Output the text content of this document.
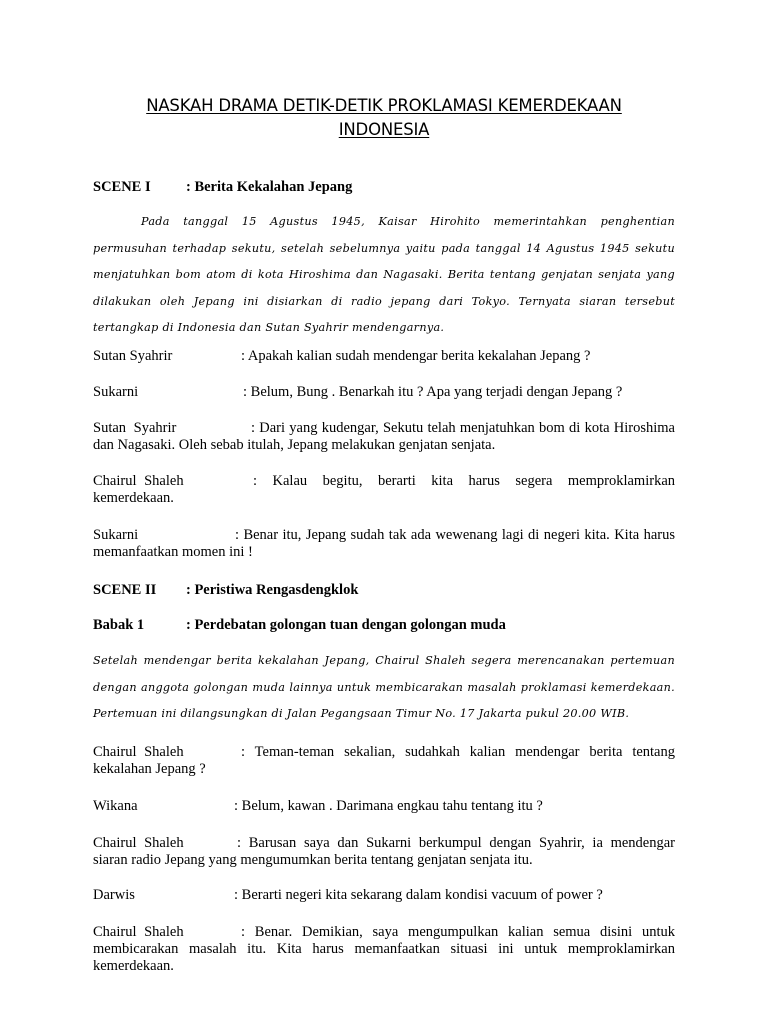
NASKAH DRAMA DETIK-DETIK PROKLAMASI KEMERDEKAAN
INDONESIA
SCENE I : Berita Kekalahan Jepang
Pada tanggal 15 Agustus 1945, Kaisar Hirohito memerintahkan penghentian permusuhan terhadap sekutu, setelah sebelumnya yaitu pada tanggal 14 Agustus 1945 sekutu menjatuhkan bom atom di kota Hiroshima dan Nagasaki. Berita tentang genjatan senjata yang dilakukan oleh Jepang ini disiarkan di radio jepang dari Tokyo. Ternyata siaran tersebut tertangkap di Indonesia dan Sutan Syahrir mendengarnya.
Sutan Syahrir	: Apakah kalian sudah mendengar berita kekalahan Jepang ?
Sukarni	: Belum, Bung . Benarkah itu ? Apa yang terjadi dengan Jepang ?
Sutan Syahrir	: Dari yang kudengar, Sekutu telah menjatuhkan bom di kota Hiroshima dan Nagasaki. Oleh sebab itulah, Jepang melakukan genjatan senjata.
Chairul Shaleh	: Kalau begitu, berarti kita harus segera memproklamirkan kemerdekaan.
Sukarni	: Benar itu, Jepang sudah tak ada wewenang lagi di negeri kita. Kita harus memanfaatkan momen ini !
SCENE II : Peristiwa Rengasdengklok
Babak 1	: Perdebatan golongan tuan dengan golongan muda
Setelah mendengar berita kekalahan Jepang, Chairul Shaleh segera merencanakan pertemuan dengan anggota golongan muda lainnya untuk membicarakan masalah proklamasi kemerdekaan. Pertemuan ini dilangsungkan di Jalan Pegangsaan Timur No. 17 Jakarta pukul 20.00 WIB.
Chairul Shaleh	: Teman-teman sekalian, sudahkah kalian mendengar berita tentang kekalahan Jepang ?
Wikana	: Belum, kawan . Darimana engkau tahu tentang itu ?
Chairul Shaleh	: Barusan saya dan Sukarni berkumpul dengan Syahrir, ia mendengar siaran radio Jepang yang mengumumkan berita tentang genjatan senjata itu.
Darwis	: Berarti negeri kita sekarang dalam kondisi vacuum of power ?
Chairul Shaleh	: Benar. Demikian, saya mengumpulkan kalian semua disini untuk membicarakan masalah itu. Kita harus memanfaatkan situasi ini untuk memproklamirkan kemerdekaan.
